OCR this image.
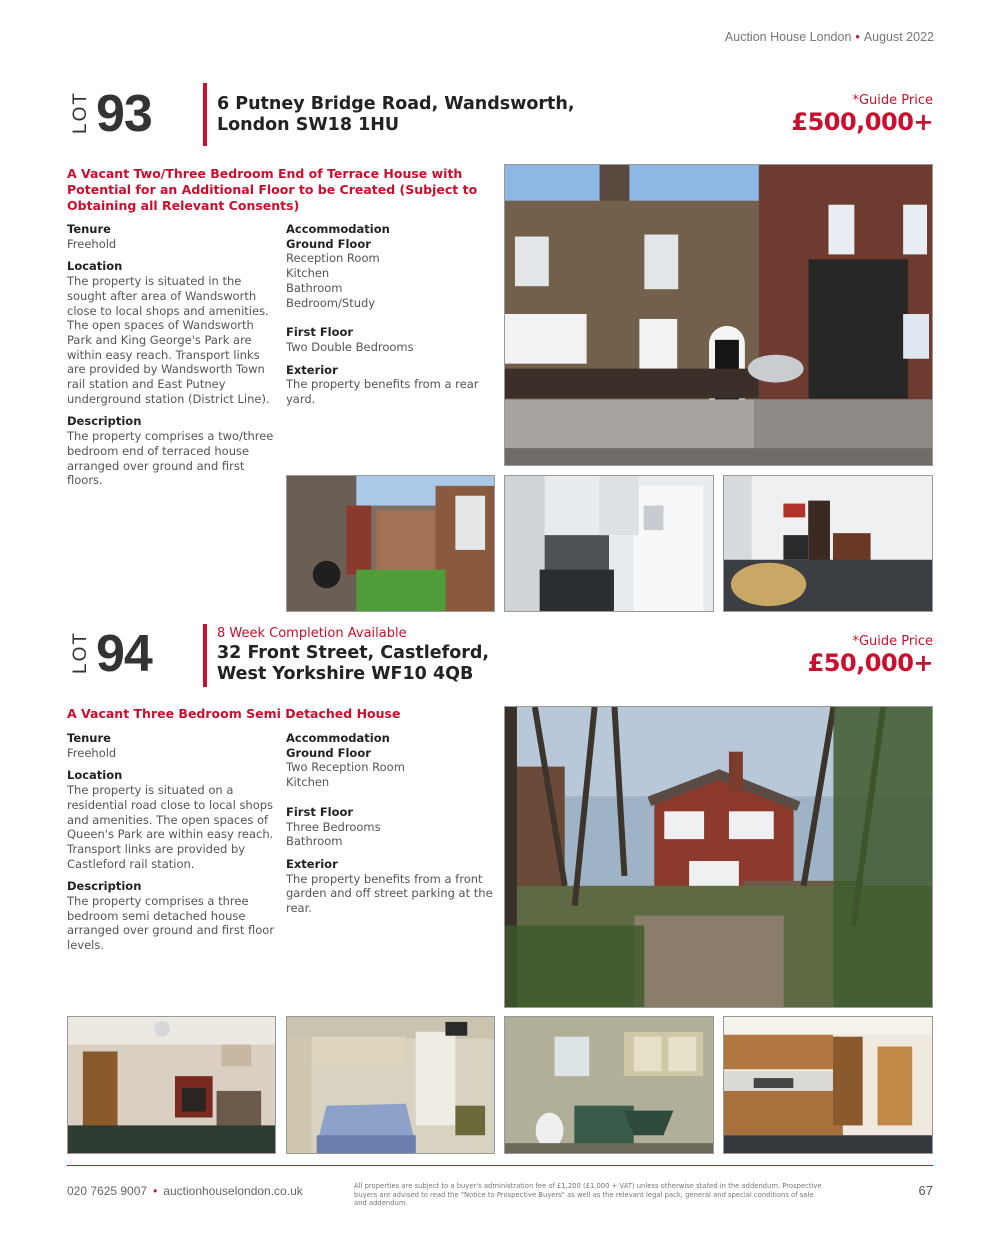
Auction House London • August 2022
LOT 93	6 Putney Bridge Road, Wandsworth,
London SW18 1HU
*Guide Price
£500,000+
A Vacant Two/Three Bedroom End of Terrace House with
Potential for an Additional Floor to be Created (Subject to
Obtaining all Relevant Consents)
Tenure
Freehold
Location
The property is situated in the
sought after area of Wandsworth
close to local shops and amenities.
The open spaces of Wandsworth
Park and King George's Park are
within easy reach. Transport links
are provided by Wandsworth Town
rail station and East Putney
underground station (District Line).
Description
The property comprises a two/three
bedroom end of terraced house
arranged over ground and first
floors.
Accommodation
Ground Floor
Reception Room
Kitchen
Bathroom
Bedroom/Study
First Floor
Two Double Bedrooms
Exterior
The property benefits from a rear
yard.
LOT 94	8 Week Completion Available
32 Front Street, Castleford,
West Yorkshire WF10 4QB
*Guide Price
£50,000+
A Vacant Three Bedroom Semi Detached House
Tenure
Freehold
Location
The property is situated on a
residential road close to local shops
and amenities. The open spaces of
Queen's Park are within easy reach.
Transport links are provided by
Castleford rail station.
Description
The property comprises a three
bedroom semi detached house
arranged over ground and first floor
levels.
Accommodation
Ground Floor
Two Reception Room
Kitchen
First Floor
Three Bedrooms
Bathroom
Exterior
The property benefits from a front
garden and off street parking at the
rear.
020 7625 9007 • auctionhouselondon.co.uk	All properties are subject to a buyer's administration fee of £1,200 (£1,000 + VAT) unless otherwise stated in the addendum. Prospective
buyers are advised to read the "Notice to Prospective Buyers" as well as the relevant legal pack, general and special conditions of sale
and addendum.
67
